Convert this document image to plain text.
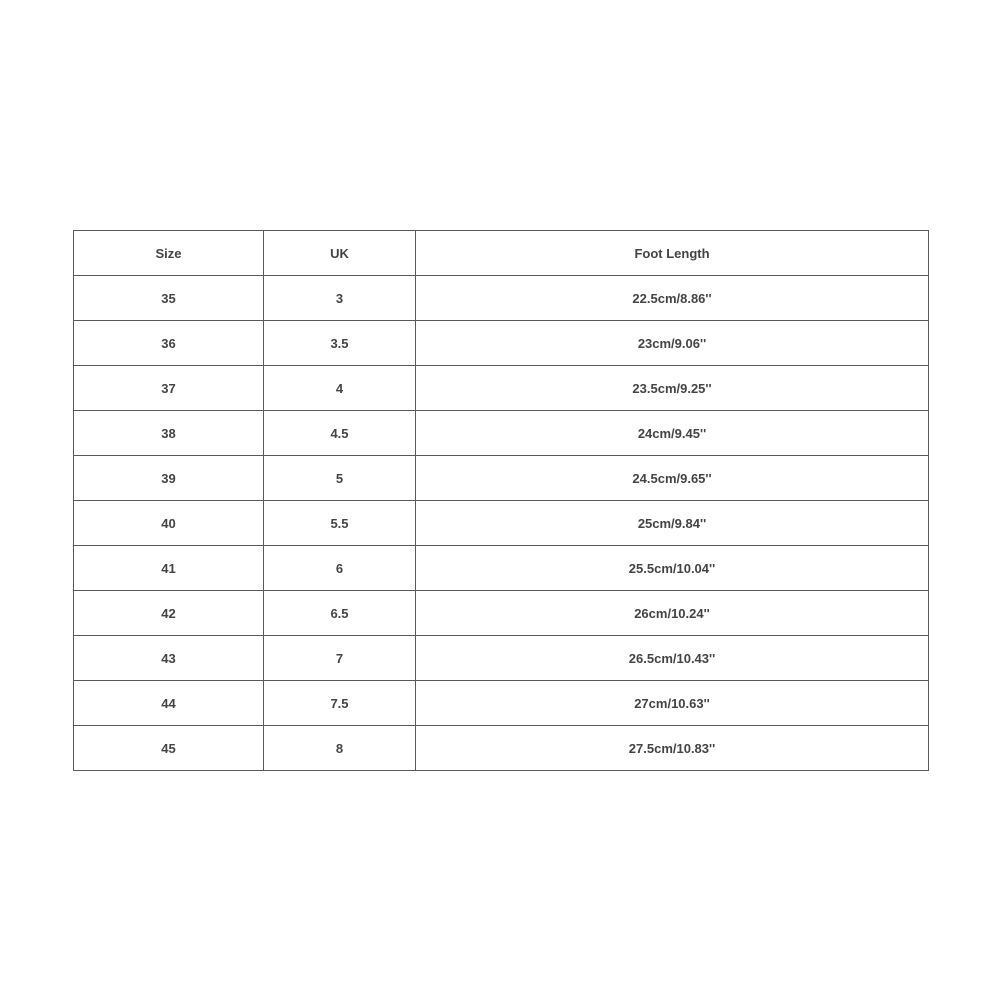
Size	UK	Foot Length
35	3	22.5cm/8.86''
36	3.5	23cm/9.06''
37	4	23.5cm/9.25''
38	4.5	24cm/9.45''
39	5	24.5cm/9.65''
40	5.5	25cm/9.84''
41	6	25.5cm/10.04''
42	6.5	26cm/10.24''
43	7	26.5cm/10.43''
44	7.5	27cm/10.63''
45	8	27.5cm/10.83''
